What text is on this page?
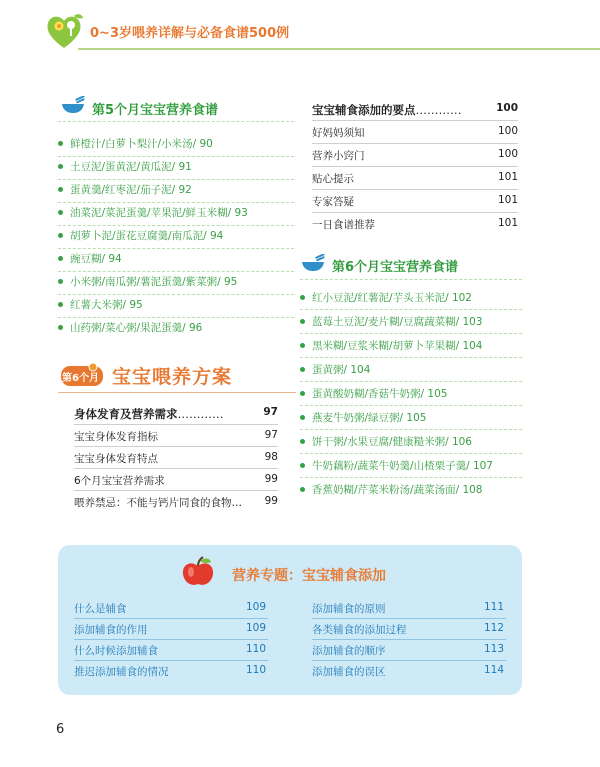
0~3岁喂养详解与必备食谱500例
第5个月宝宝营养食谱
鲜橙汁/白萝卜梨汁/小米汤/ 90
土豆泥/蛋黄泥/黄瓜泥/ 91
蛋黄羹/红枣泥/茄子泥/ 92
油菜泥/菜泥蛋羹/苹果泥/鲜玉米糊/ 93
胡萝卜泥/蛋花豆腐羹/南瓜泥/ 94
豌豆糊/ 94
小米粥/南瓜粥/薯泥蛋羹/紫菜粥/ 95
红薯大米粥/ 95
山药粥/菜心粥/果泥蛋羹/ 96
第6个月 宝宝喂养方案
身体发育及营养需求…………	97
宝宝身体发育指标	97
宝宝身体发育特点	98
6个月宝宝营养需求	99
喂养禁忌：不能与钙片同食的食物…	99
宝宝辅食添加的要点…………	100
好妈妈须知	100
营养小窍门	100
贴心提示	101
专家答疑	101
一日食谱推荐	101
第6个月宝宝营养食谱
红小豆泥/红薯泥/芋头玉米泥/ 102
蓝莓土豆泥/麦片糊/豆腐蔬菜糊/ 103
黑米糊/豆浆米糊/胡萝卜苹果糊/ 104
蛋黄粥/ 104
蛋黄酸奶糊/香菇牛奶粥/ 105
燕麦牛奶粥/绿豆粥/ 105
饼干粥/水果豆腐/健康糙米粥/ 106
牛奶藕粉/蔬菜牛奶羹/山楂栗子羹/ 107
香蕉奶糊/芹菜米粉汤/蔬菜汤面/ 108
营养专题：宝宝辅食添加
什么是辅食	109
添加辅食的作用	109
什么时候添加辅食	110
推迟添加辅食的情况	110
添加辅食的原则	111
各类辅食的添加过程	112
添加辅食的顺序	113
添加辅食的误区	114
6
